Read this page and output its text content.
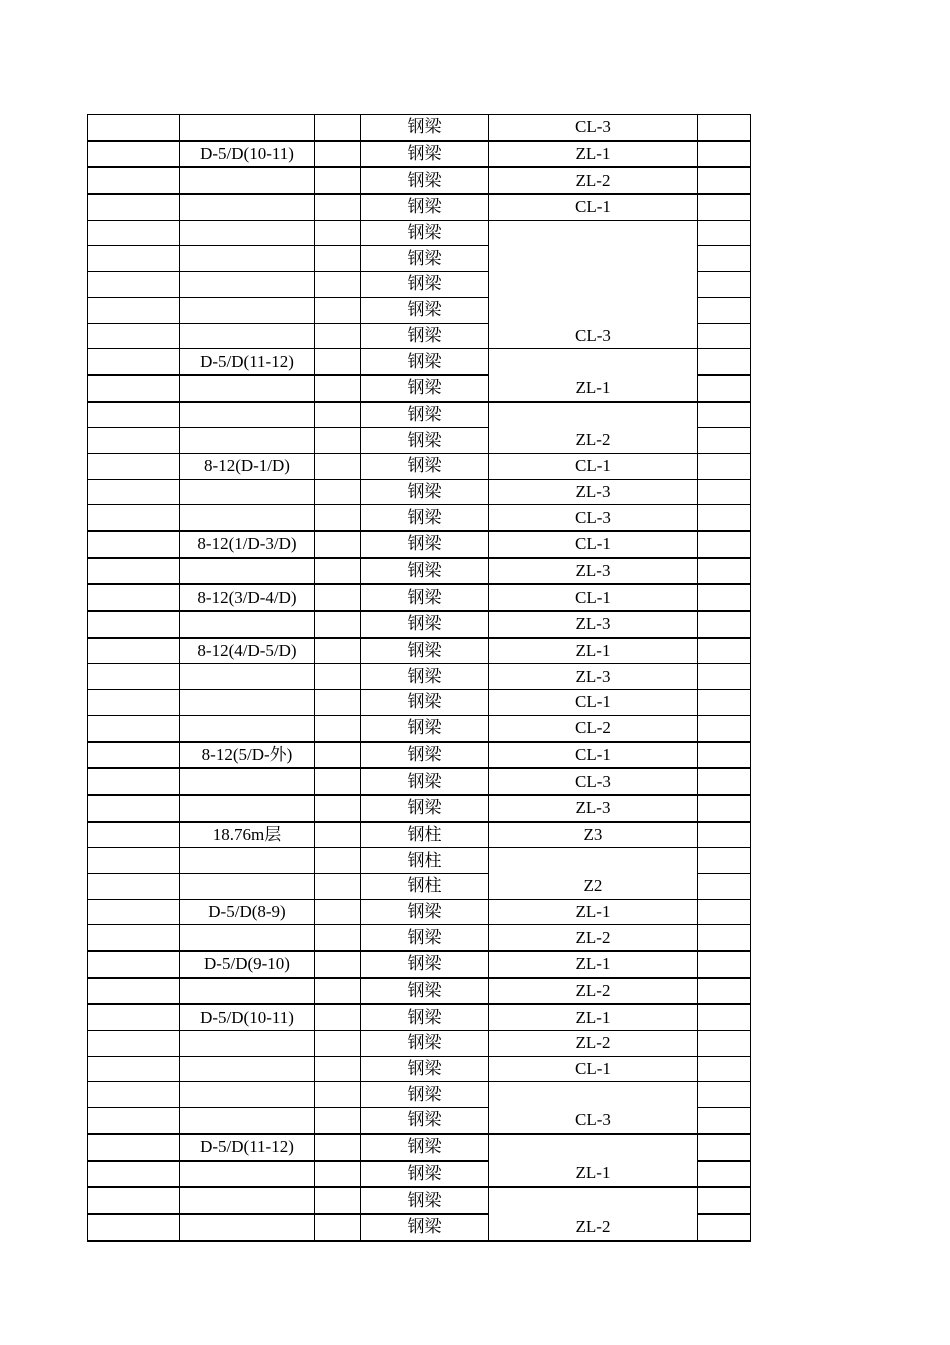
			钢梁	CL-3	
	D-5/D(10-11)		钢梁	ZL-1	
			钢梁	ZL-2	
			钢梁	CL-1	
			钢梁		
			钢梁		
			钢梁		
			钢梁		
			钢梁	CL-3	
	D-5/D(11-12)		钢梁		
			钢梁	ZL-1	
			钢梁		
			钢梁	ZL-2	
	8-12(D-1/D)		钢梁	CL-1	
			钢梁	ZL-3	
			钢梁	CL-3	
	8-12(1/D-3/D)		钢梁	CL-1	
			钢梁	ZL-3	
	8-12(3/D-4/D)		钢梁	CL-1	
			钢梁	ZL-3	
	8-12(4/D-5/D)		钢梁	ZL-1	
			钢梁	ZL-3	
			钢梁	CL-1	
			钢梁	CL-2	
	8-12(5/D-外)		钢梁	CL-1	
			钢梁	CL-3	
			钢梁	ZL-3	
	18.76m层		钢柱	Z3	
			钢柱		
			钢柱	Z2	
	D-5/D(8-9)		钢梁	ZL-1	
			钢梁	ZL-2	
	D-5/D(9-10)		钢梁	ZL-1	
			钢梁	ZL-2	
	D-5/D(10-11)		钢梁	ZL-1	
			钢梁	ZL-2	
			钢梁	CL-1	
			钢梁		
			钢梁	CL-3	
	D-5/D(11-12)		钢梁		
			钢梁	ZL-1	
			钢梁		
			钢梁	ZL-2	
